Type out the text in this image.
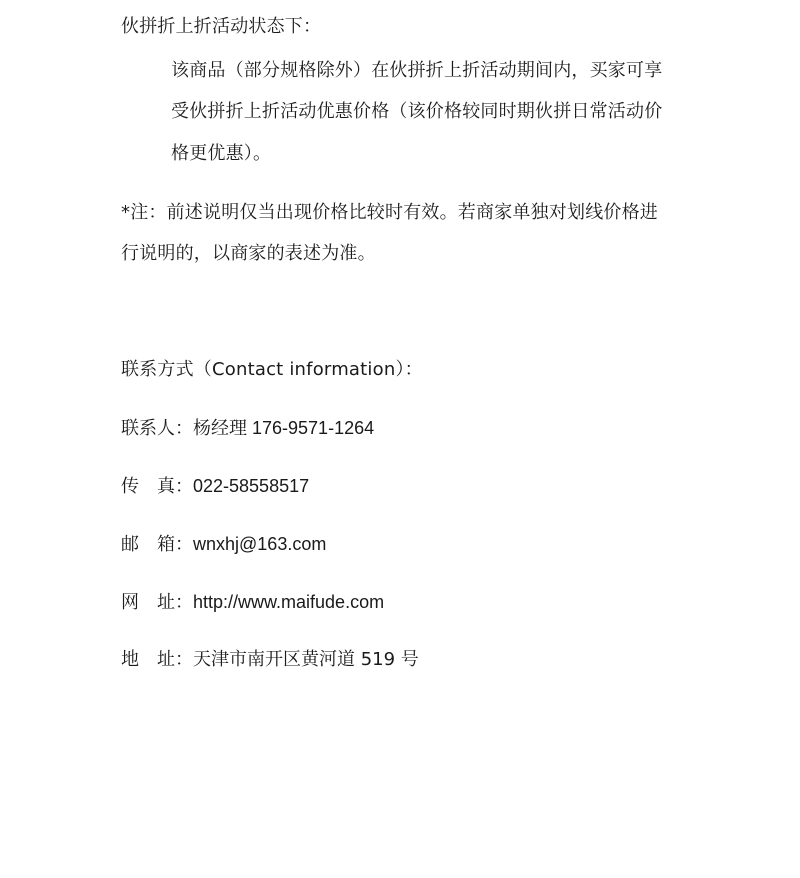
伙拼折上折活动状态下：
该商品（部分规格除外）在伙拼折上折活动期间内，买家可享
受伙拼折上折活动优惠价格（该价格较同时期伙拼日常活动价
格更优惠）。
*注：前述说明仅当出现价格比较时有效。若商家单独对划线价格进
行说明的，以商家的表述为准。
联系方式（Contact information）：
联系人：杨经理 176-9571-1264
传　真：022-58558517
邮　箱：wnxhj@163.com
网　址：http://www.maifude.com
地　址：天津市南开区黄河道 519 号
